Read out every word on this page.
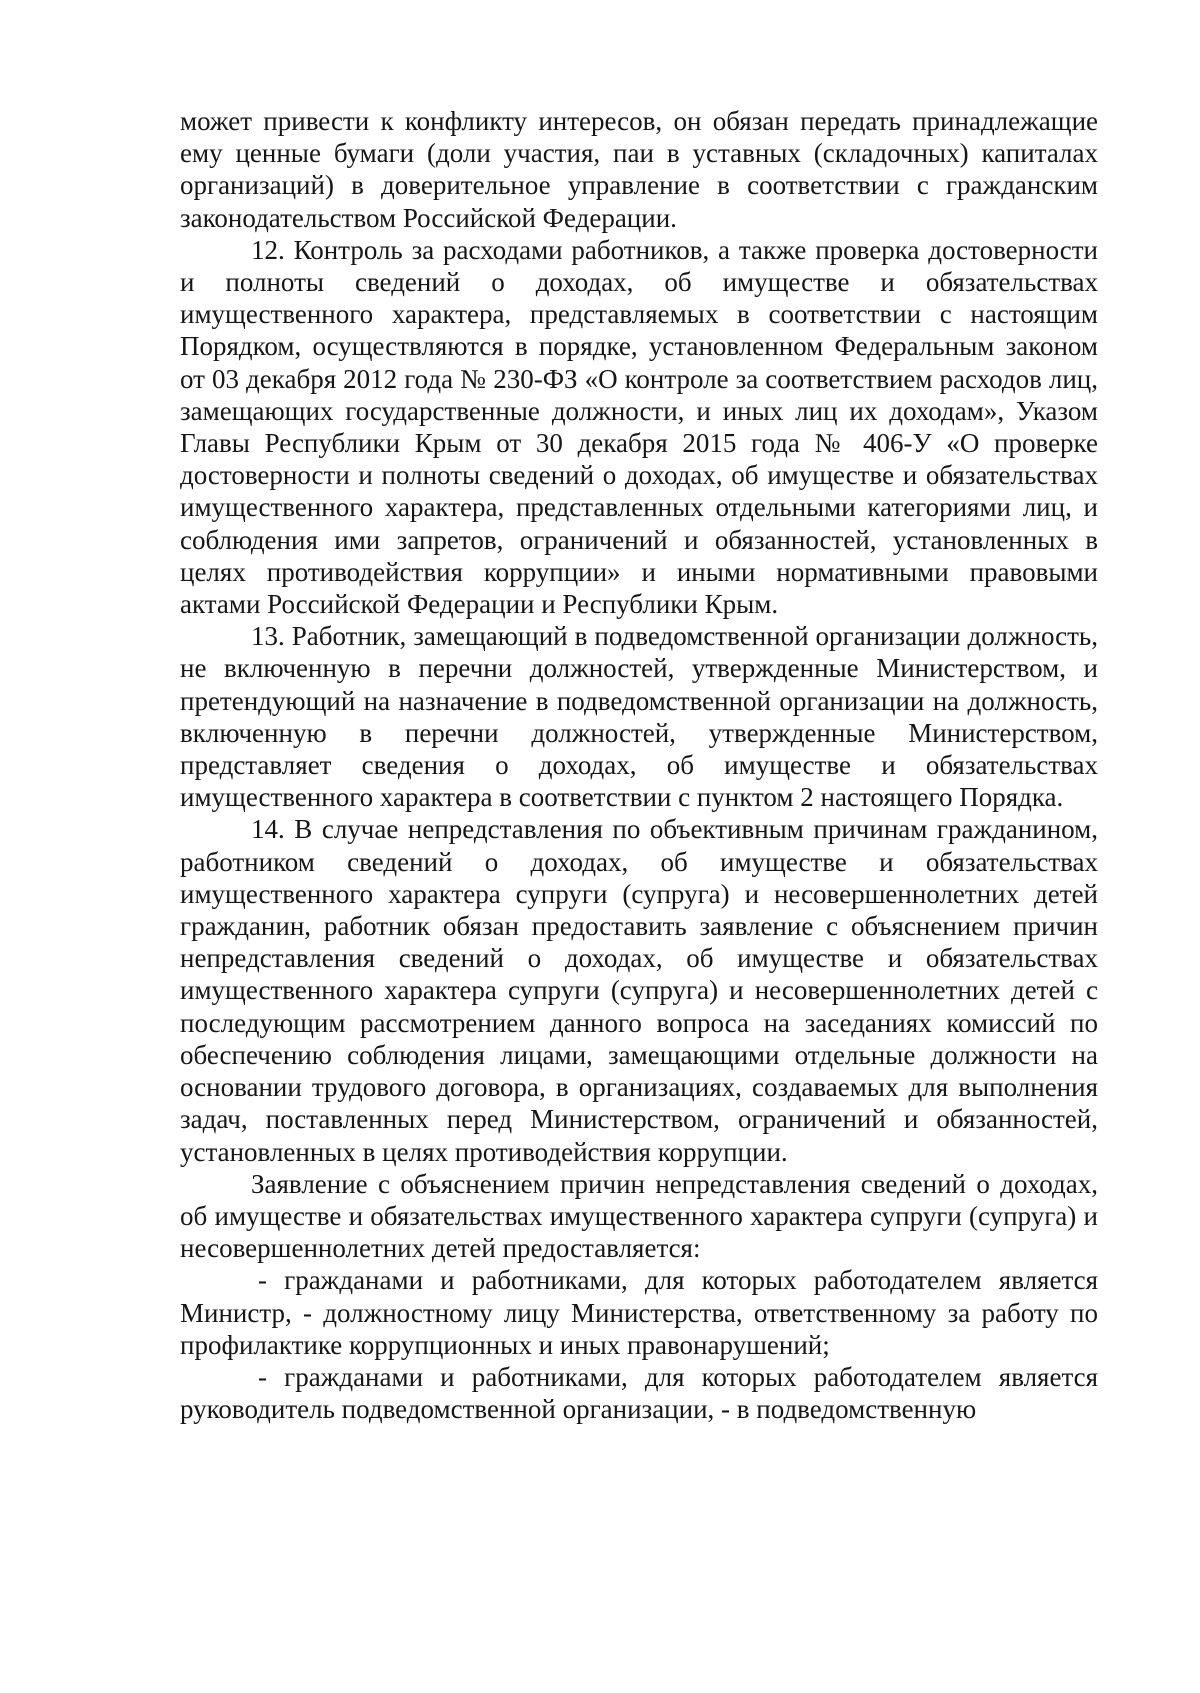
может привести к конфликту интересов, он обязан передать принадлежащие ему ценные бумаги (доли участия, паи в уставных (складочных) капиталах организаций) в доверительное управление в соответствии с гражданским законодательством Российской Федерации.

12. Контроль за расходами работников, а также проверка достоверности и полноты сведений о доходах, об имуществе и обязательствах имущественного характера, представляемых в соответствии с настоящим Порядком, осуществляются в порядке, установленном Федеральным законом от 03 декабря 2012 года № 230-ФЗ «О контроле за соответствием расходов лиц, замещающих государственные должности, и иных лиц их доходам», Указом Главы Республики Крым от 30 декабря 2015 года № 406-У «О проверке достоверности и полноты сведений о доходах, об имуществе и обязательствах имущественного характера, представленных отдельными категориями лиц, и соблюдения ими запретов, ограничений и обязанностей, установленных в целях противодействия коррупции» и иными нормативными правовыми актами Российской Федерации и Республики Крым.

13. Работник, замещающий в подведомственной организации должность, не включенную в перечни должностей, утвержденные Министерством, и претендующий на назначение в подведомственной организации на должность, включенную в перечни должностей, утвержденные Министерством, представляет сведения о доходах, об имуществе и обязательствах имущественного характера в соответствии с пунктом 2 настоящего Порядка.

14. В случае непредставления по объективным причинам гражданином, работником сведений о доходах, об имуществе и обязательствах имущественного характера супруги (супруга) и несовершеннолетних детей гражданин, работник обязан предоставить заявление с объяснением причин непредставления сведений о доходах, об имуществе и обязательствах имущественного характера супруги (супруга) и несовершеннолетних детей с последующим рассмотрением данного вопроса на заседаниях комиссий по обеспечению соблюдения лицами, замещающими отдельные должности на основании трудового договора, в организациях, создаваемых для выполнения задач, поставленных перед Министерством, ограничений и обязанностей, установленных в целях противодействия коррупции.

Заявление с объяснением причин непредставления сведений о доходах, об имуществе и обязательствах имущественного характера супруги (супруга) и несовершеннолетних детей предоставляется:

- гражданами и работниками, для которых работодателем является Министр, - должностному лицу Министерства, ответственному за работу по профилактике коррупционных и иных правонарушений;

- гражданами и работниками, для которых работодателем является руководитель подведомственной организации, - в подведомственную
